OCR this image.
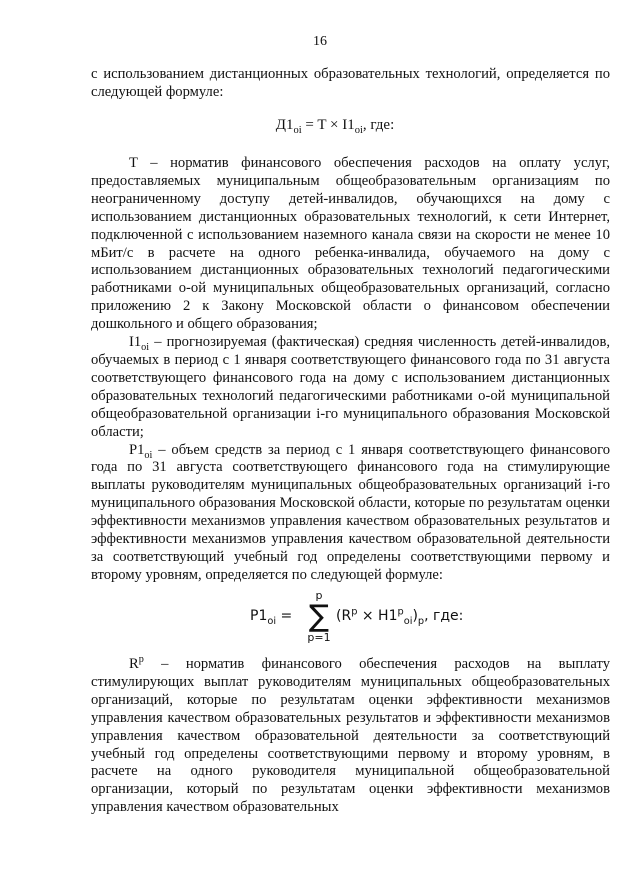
16

с использованием дистанционных образовательных технологий, определяется по следующей формуле:

$Д1_{oi} = T \times I1_{oi}$, где:

T – норматив финансового обеспечения расходов на оплату услуг, предоставляемых муниципальным общеобразовательным организациям по неограниченному доступу детей-инвалидов, обучающихся на дому с использованием дистанционных образовательных технологий, к сети Интернет, подключенной с использованием наземного канала связи на скорости не менее 10 мБит/с в расчете на одного ребенка-инвалида, обучаемого на дому с использованием дистанционных образовательных технологий педагогическими работниками o-ой муниципальных общеобразовательных организаций, согласно приложению 2 к Закону Московской области о финансовом обеспечении дошкольного и общего образования;

$I1_{oi}$ – прогнозируемая (фактическая) средняя численность детей-инвалидов, обучаемых в период с 1 января соответствующего финансового года по 31 августа соответствующего финансового года на дому с использованием дистанционных образовательных технологий педагогическими работниками o-ой муниципальной общеобразовательной организации i-го муниципального образования Московской области;

$Р1_{oi}$ – объем средств за период с 1 января соответствующего финансового года по 31 августа соответствующего финансового года на стимулирующие выплаты руководителям муниципальных общеобразовательных организаций i-го муниципального образования Московской области, которые по результатам оценки эффективности механизмов управления качеством образовательных результатов и эффективности механизмов управления качеством образовательной деятельности за соответствующий учебный год определены соответствующими первому и второму уровням, определяется по следующей формуле:

$Р1_{oi}$ =
p
∑
p=1
$(R^p \times H1^p_{oi})_p$, где:

$R^p$ – норматив финансового обеспечения расходов на выплату стимулирующих выплат руководителям муниципальных общеобразовательных организаций, которые по результатам оценки эффективности механизмов управления качеством образовательных результатов и эффективности механизмов управления качеством образовательной деятельности за соответствующий учебный год определены соответствующими первому и второму уровням, в расчете на одного руководителя муниципальной общеобразовательной организации, который по результатам оценки эффективности механизмов управления качеством образовательных
